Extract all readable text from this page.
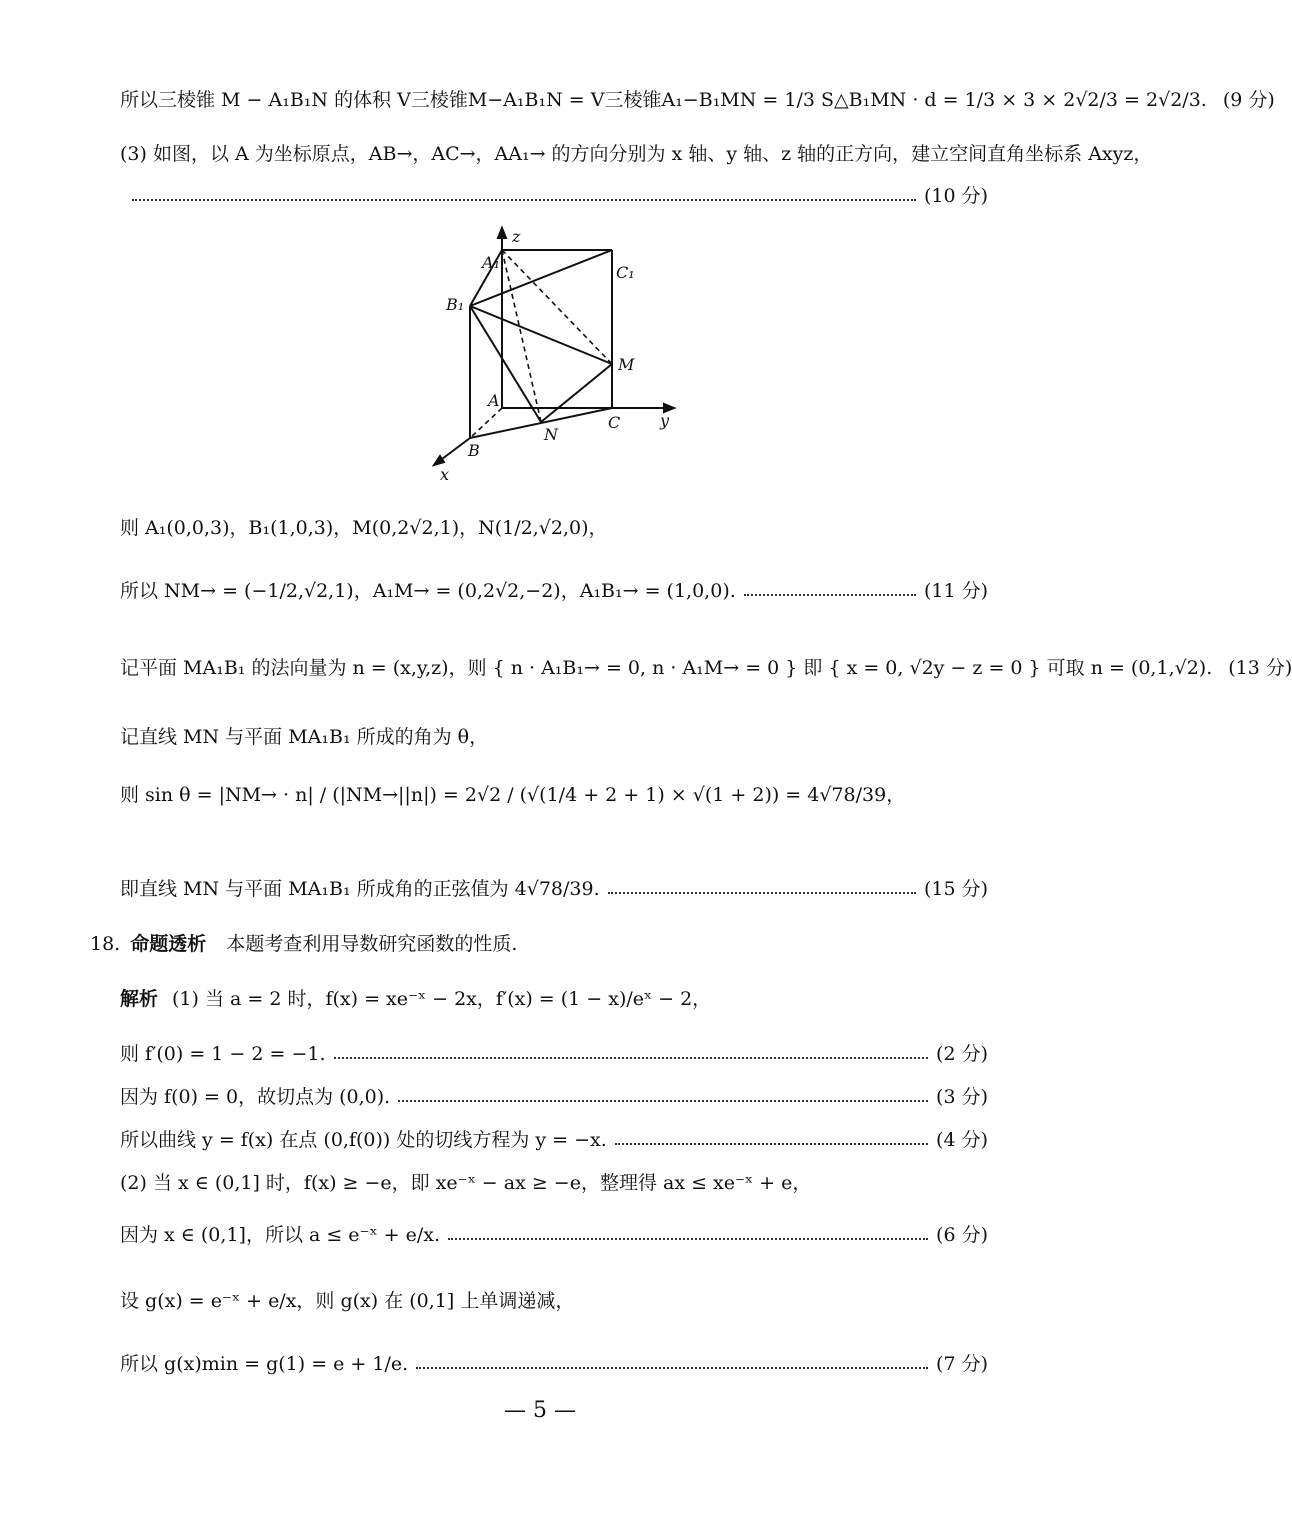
所以三棱锥 M − A₁B₁N 的体积 V三棱锥M−A₁B₁N = V三棱锥A₁−B₁MN = 1/3 S△B₁MN · d = 1/3 × 3 × 2√2/3 = 2√2/3. (9 分)
(3) 如图，以 A 为坐标原点，AB→，AC→，AA₁→ 的方向分别为 x 轴、y 轴、z 轴的正方向，建立空间直角坐标系 Axyz，
(10 分)
z
A₁
C₁
B₁
M
A
N
C y
B
x
则 A₁(0,0,3)，B₁(1,0,3)，M(0,2√2,1)，N(1/2,√2,0)，
所以 NM→ = (−1/2,√2,1)，A₁M→ = (0,2√2,−2)，A₁B₁→ = (1,0,0).	(11 分)
记平面 MA₁B₁ 的法向量为 n = (x,y,z)，则 { n · A₁B₁→ = 0, n · A₁M→ = 0 } 即 { x = 0, √2y − z = 0 } 可取 n = (0,1,√2). (13 分)
记直线 MN 与平面 MA₁B₁ 所成的角为 θ，
则 sin θ = |NM→ · n| / (|NM→||n|) = 2√2 / (√(1/4 + 2 + 1) × √(1 + 2)) = 4√78/39，
即直线 MN 与平面 MA₁B₁ 所成角的正弦值为 4√78/39.	(15 分)
18. 命题透析 本题考查利用导数研究函数的性质.
解析 (1) 当 a = 2 时，f(x) = xe⁻ˣ − 2x，f′(x) = (1 − x)/eˣ − 2，
则 f′(0) = 1 − 2 = −1.	(2 分)
因为 f(0) = 0，故切点为 (0,0).	(3 分)
所以曲线 y = f(x) 在点 (0,f(0)) 处的切线方程为 y = −x.	(4 分)
(2) 当 x ∈ (0,1] 时，f(x) ≥ −e，即 xe⁻ˣ − ax ≥ −e，整理得 ax ≤ xe⁻ˣ + e，
因为 x ∈ (0,1]，所以 a ≤ e⁻ˣ + e/x.	(6 分)
设 g(x) = e⁻ˣ + e/x，则 g(x) 在 (0,1] 上单调递减，
所以 g(x)min = g(1) = e + 1/e.	(7 分)
— 5 —
